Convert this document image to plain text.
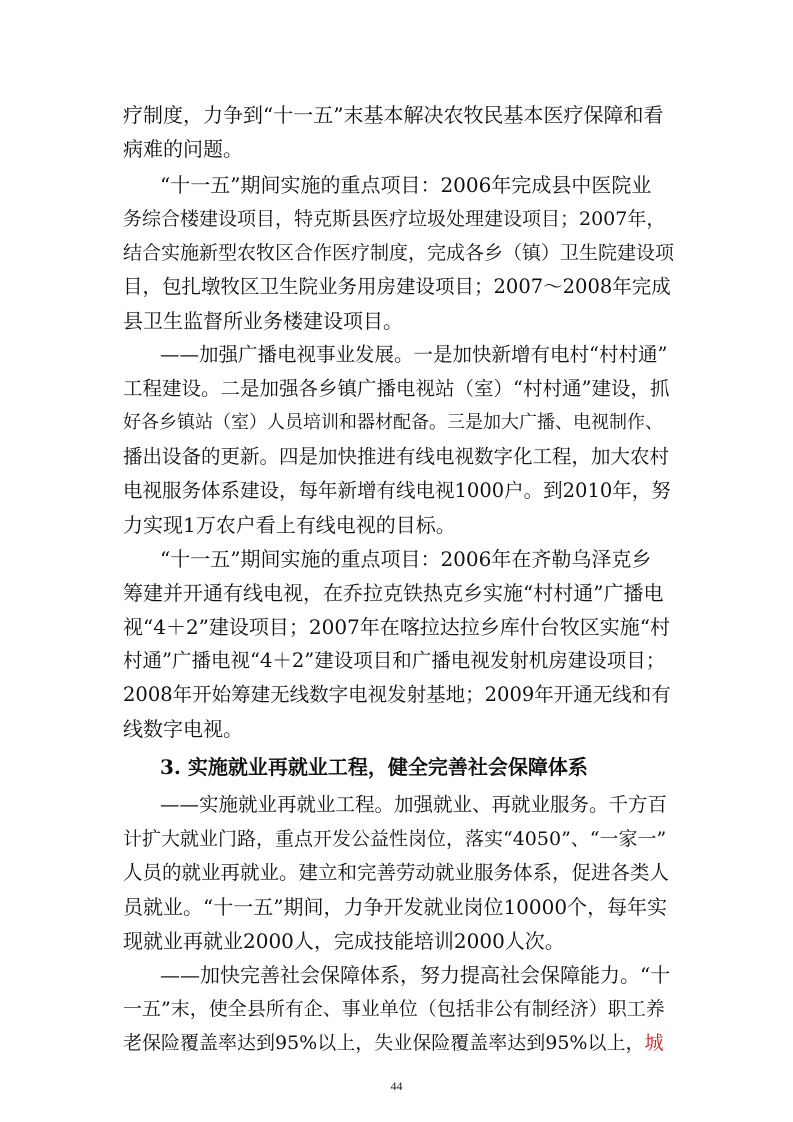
疗制度，力争到“十一五”末基本解决农牧民基本医疗保障和看
病难的问题。
“十一五”期间实施的重点项目：2006年完成县中医院业
务综合楼建设项目，特克斯县医疗垃圾处理建设项目；2007年，
结合实施新型农牧区合作医疗制度，完成各乡（镇）卫生院建设项
目，包扎墩牧区卫生院业务用房建设项目；2007～2008年完成
县卫生监督所业务楼建设项目。
——加强广播电视事业发展。一是加快新增有电村“村村通”
工程建设。二是加强各乡镇广播电视站（室）“村村通”建设，抓
好各乡镇站（室）人员培训和器材配备。三是加大广播、电视制作、
播出设备的更新。四是加快推进有线电视数字化工程，加大农村
电视服务体系建设，每年新增有线电视1000户。到2010年，努
力实现1万农户看上有线电视的目标。
“十一五”期间实施的重点项目：2006年在齐勒乌泽克乡
筹建并开通有线电视，在乔拉克铁热克乡实施“村村通”广播电
视“4＋2”建设项目；2007年在喀拉达拉乡库什台牧区实施“村
村通”广播电视“4＋2”建设项目和广播电视发射机房建设项目；
2008年开始筹建无线数字电视发射基地；2009年开通无线和有
线数字电视。
3. 实施就业再就业工程，健全完善社会保障体系
——实施就业再就业工程。加强就业、再就业服务。千方百
计扩大就业门路，重点开发公益性岗位，落实“4050”、“一家一”
人员的就业再就业。建立和完善劳动就业服务体系，促进各类人
员就业。“十一五”期间，力争开发就业岗位10000个，每年实
现就业再就业2000人，完成技能培训2000人次。
——加快完善社会保障体系，努力提高社会保障能力。“十
一五”末，使全县所有企、事业单位（包括非公有制经济）职工养
老保险覆盖率达到95%以上，失业保险覆盖率达到95%以上，城
44
